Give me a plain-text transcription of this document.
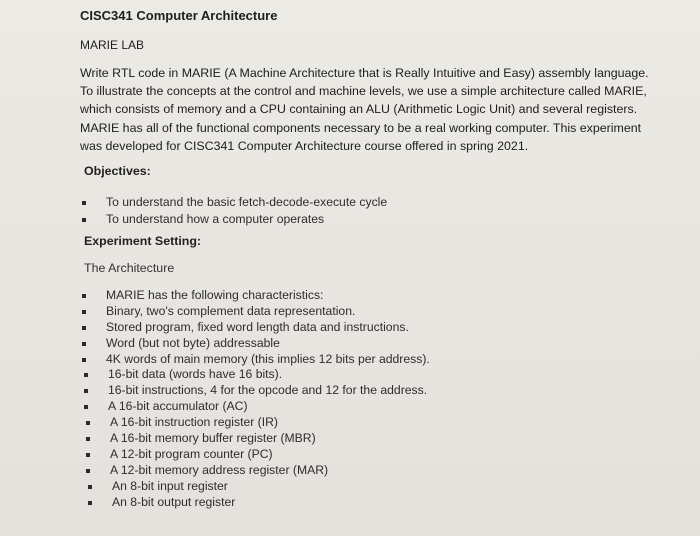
CISC341 Computer Architecture
MARIE LAB
Write RTL code in MARIE (A Machine Architecture that is Really Intuitive and Easy) assembly language.
To illustrate the concepts at the control and machine levels, we use a simple architecture called MARIE,
which consists of memory and a CPU containing an ALU (Arithmetic Logic Unit) and several registers.
MARIE has all of the functional components necessary to be a real working computer. This experiment
was developed for CISC341 Computer Architecture course offered in spring 2021.
Objectives:
To understand the basic fetch-decode-execute cycle
To understand how a computer operates
Experiment Setting:
The Architecture
MARIE has the following characteristics:
Binary, two's complement data representation.
Stored program, fixed word length data and instructions.
Word (but not byte) addressable
4K words of main memory (this implies 12 bits per address).
16-bit data (words have 16 bits).
16-bit instructions, 4 for the opcode and 12 for the address.
A 16-bit accumulator (AC)
A 16-bit instruction register (IR)
A 16-bit memory buffer register (MBR)
A 12-bit program counter (PC)
A 12-bit memory address register (MAR)
An 8-bit input register
An 8-bit output register
